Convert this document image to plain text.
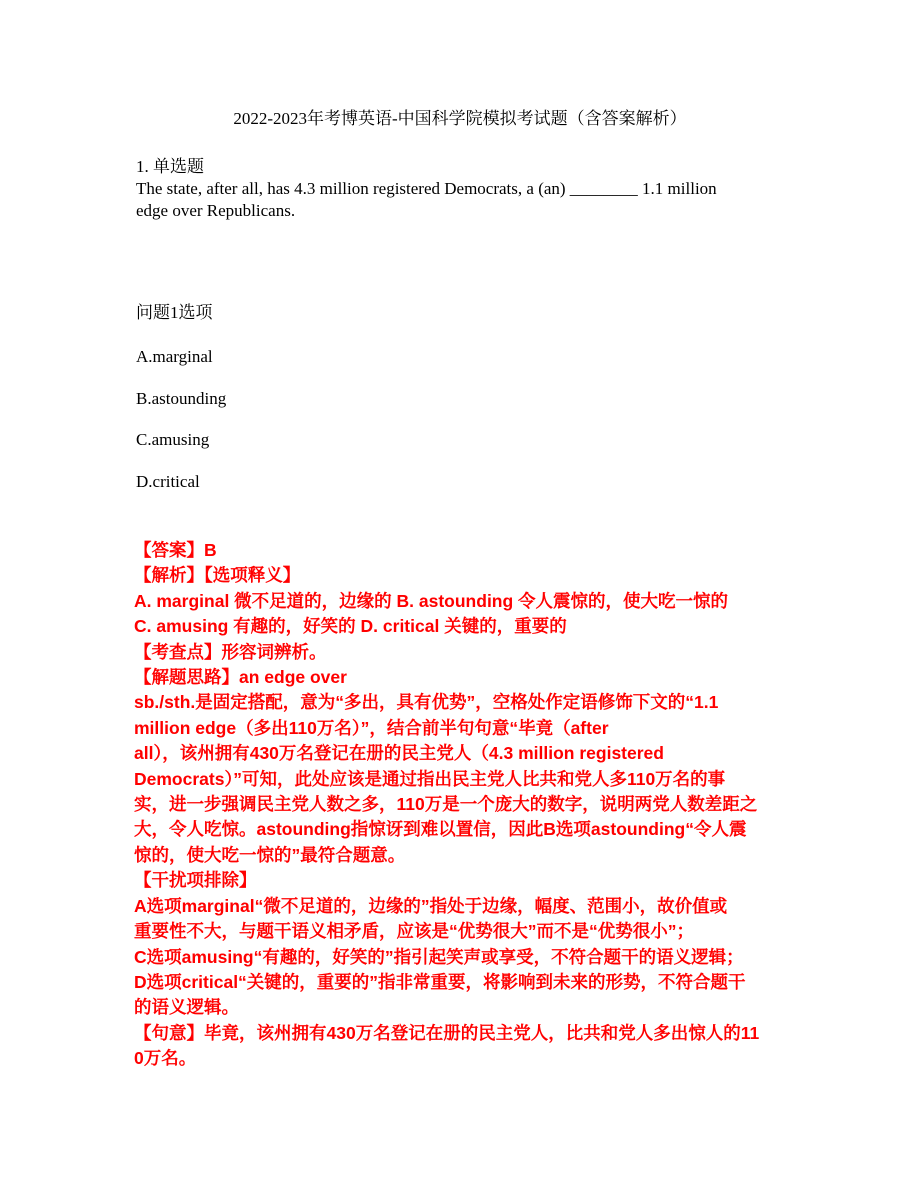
2022-2023年考博英语-中国科学院模拟考试题（含答案解析）
1. 单选题
The state, after all, has 4.3 million registered Democrats, a (an) ________ 1.1 million
edge over Republicans.
问题1选项
A.marginal
B.astounding
C.amusing
D.critical

【答案】B

【解析】【选项释义】

A. marginal 微不足道的，边缘的 B. astounding 令人震惊的，使大吃一惊的

C. amusing 有趣的，好笑的 D. critical 关键的，重要的

【考查点】形容词辨析。

【解题思路】an edge over

sb./sth.是固定搭配，意为“多出，具有优势”，空格处作定语修饰下文的“1.1

million edge（多出110万名）”，结合前半句句意“毕竟（after

all），该州拥有430万名登记在册的民主党人（4.3 million registered

Democrats）”可知，此处应该是通过指出民主党人比共和党人多110万名的事

实，进一步强调民主党人数之多，110万是一个庞大的数字，说明两党人数差距之

大，令人吃惊。astounding指惊讶到难以置信，因此B选项astounding“令人震

惊的，使大吃一惊的”最符合题意。

【干扰项排除】

A选项marginal“微不足道的，边缘的”指处于边缘，幅度、范围小，故价值或

重要性不大，与题干语义相矛盾，应该是“优势很大”而不是“优势很小”；

C选项amusing“有趣的，好笑的”指引起笑声或享受，不符合题干的语义逻辑；

D选项critical“关键的，重要的”指非常重要，将影响到未来的形势，不符合题干

的语义逻辑。

【句意】毕竟，该州拥有430万名登记在册的民主党人，比共和党人多出惊人的11

0万名。
